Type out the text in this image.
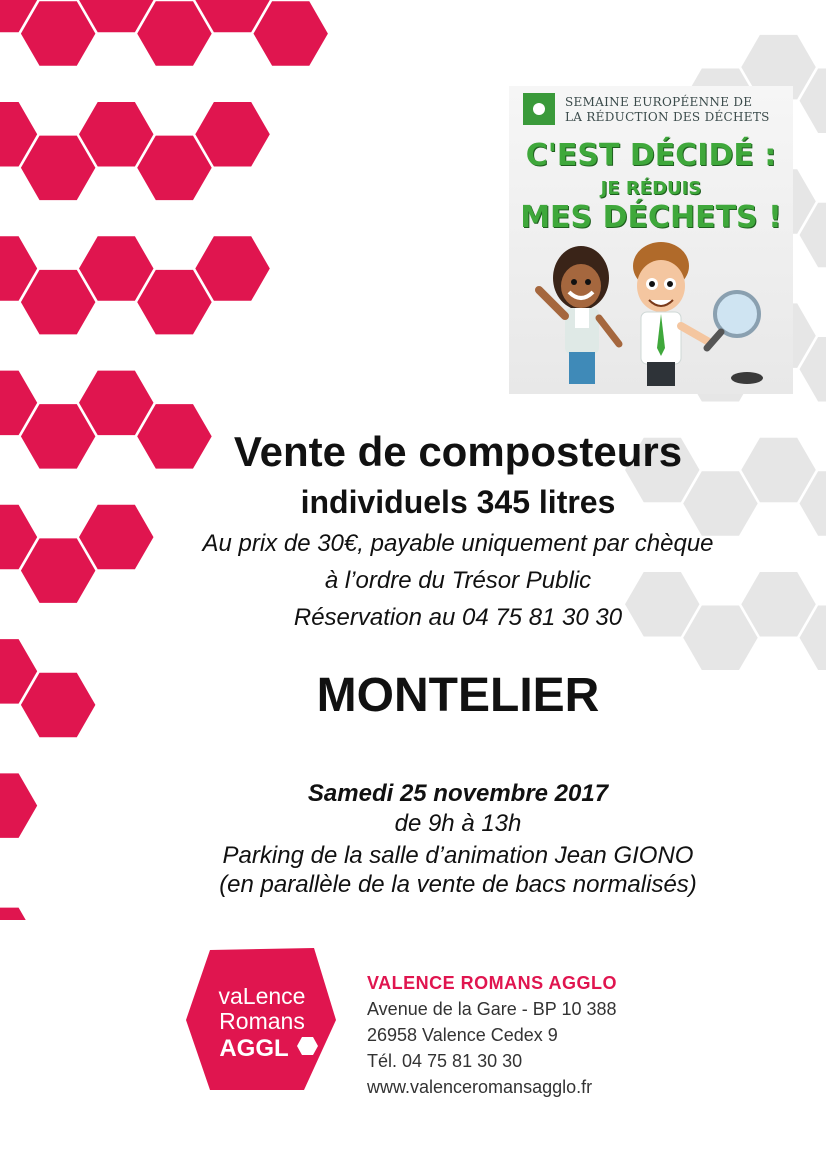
SEMAINE EUROPÉENNE DE
LA RÉDUCTION DES DÉCHETS
C'EST DÉCIDÉ :
JE RÉDUIS
MES DÉCHETS !
Vente de composteurs
individuels 345 litres
Au prix de 30€, payable uniquement par chèque
à l’ordre du Trésor Public
Réservation au 04 75 81 30 30
MONTELIER
Samedi 25 novembre 2017
de 9h à 13h
Parking de la salle d’animation Jean GIONO
(en parallèle de la vente de bacs normalisés)
vaLence
Romans
AGGL
VALENCE ROMANS AGGLO
Avenue de la Gare - BP 10 388
26958 Valence Cedex 9
Tél. 04 75 81 30 30
www.valenceromansagglo.fr
